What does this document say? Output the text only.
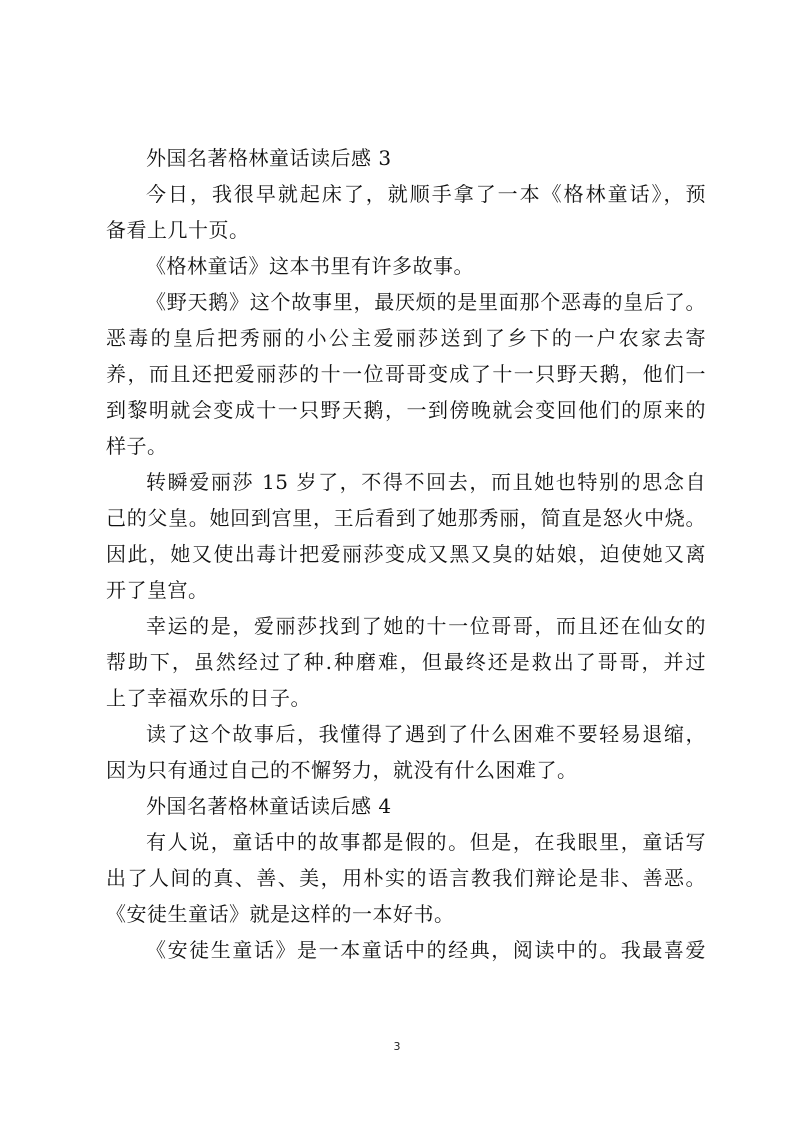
外国名著格林童话读后感 3
今日，我很早就起床了，就顺手拿了一本《格林童话》，预
备看上几十页。
《格林童话》这本书里有许多故事。
《野天鹅》这个故事里，最厌烦的是里面那个恶毒的皇后了。
恶毒的皇后把秀丽的小公主爱丽莎送到了乡下的一户农家去寄
养，而且还把爱丽莎的十一位哥哥变成了十一只野天鹅，他们一
到黎明就会变成十一只野天鹅，一到傍晚就会变回他们的原来的
样子。
转瞬爱丽莎 15 岁了，不得不回去，而且她也特别的思念自
己的父皇。她回到宫里，王后看到了她那秀丽，简直是怒火中烧。
因此，她又使出毒计把爱丽莎变成又黑又臭的姑娘，迫使她又离
开了皇宫。
幸运的是，爱丽莎找到了她的十一位哥哥，而且还在仙女的
帮助下，虽然经过了种.种磨难，但最终还是救出了哥哥，并过
上了幸福欢乐的日子。
读了这个故事后，我懂得了遇到了什么困难不要轻易退缩，
因为只有通过自己的不懈努力，就没有什么困难了。
外国名著格林童话读后感 4
有人说，童话中的故事都是假的。但是，在我眼里，童话写
出了人间的真、善、美，用朴实的语言教我们辩论是非、善恶。
《安徒生童话》就是这样的一本好书。
《安徒生童话》是一本童话中的经典，阅读中的。我最喜爱
3
